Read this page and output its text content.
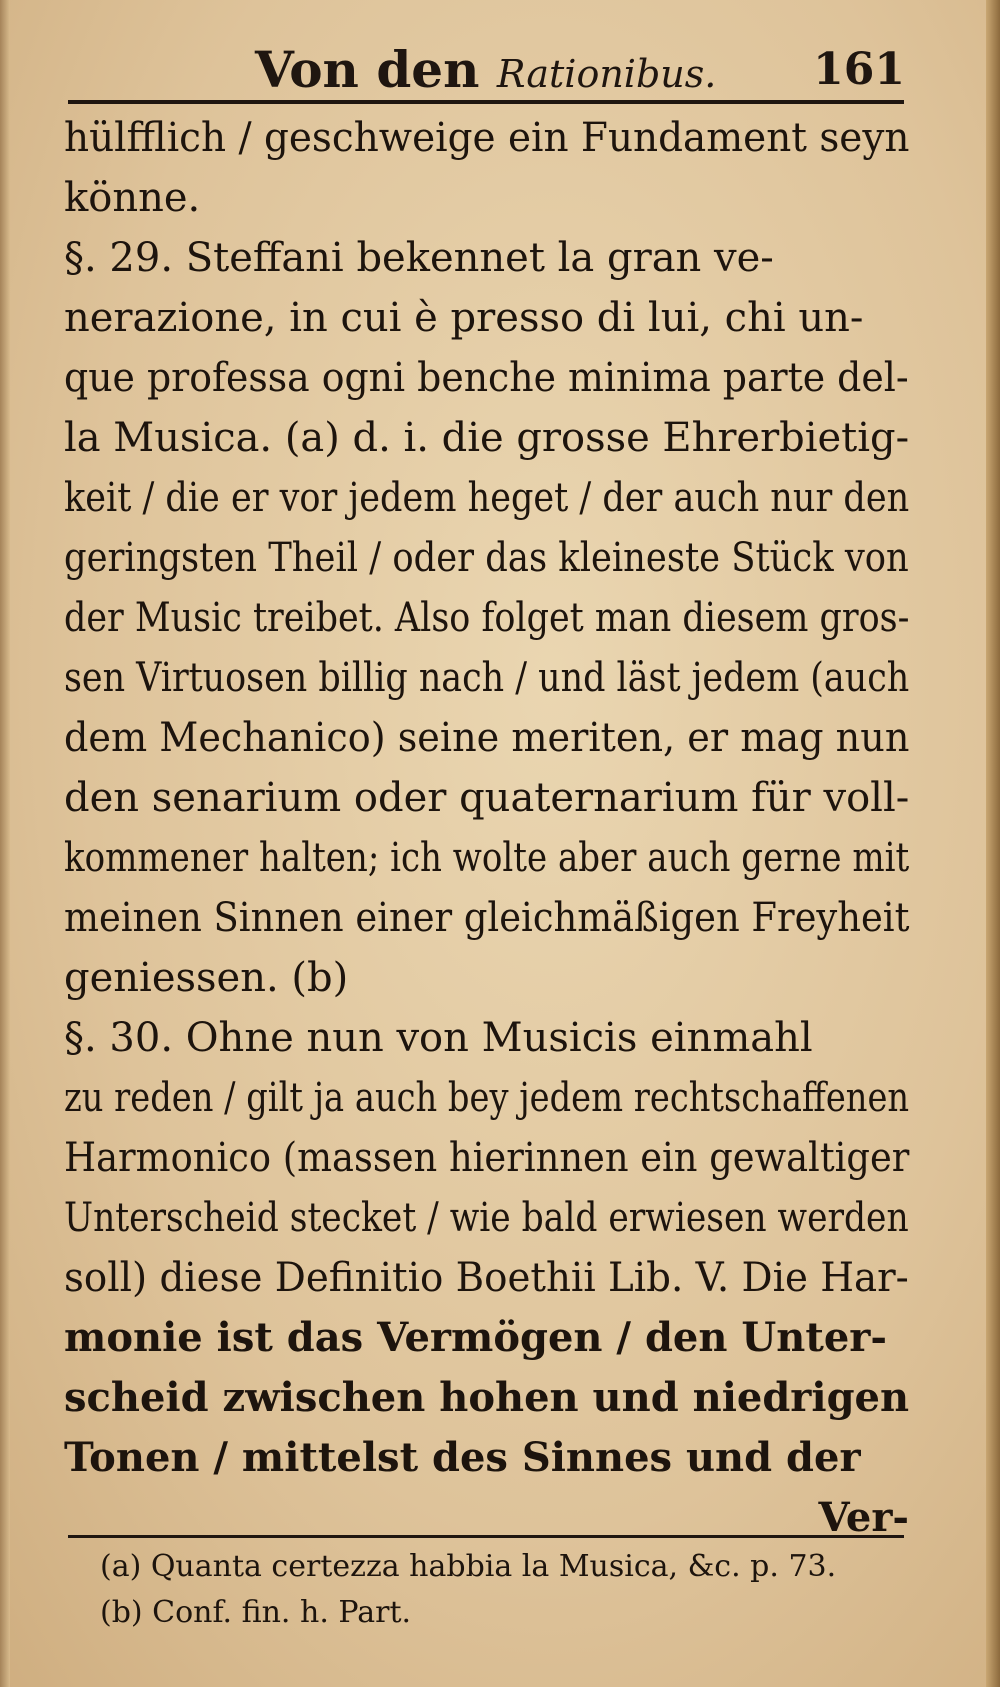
Von den Rationibus. 161
hülfflich / geschweige ein Fundament seyn
könne.
§. 29. Steffani bekennet la gran ve-
nerazione, in cui è presso di lui, chi un-
que professa ogni benche minima parte del-
la Musica. (a) d. i. die grosse Ehrerbietig-
keit / die er vor jedem heget / der auch nur den
geringsten Theil / oder das kleineste Stück von
der Music treibet. Also folget man diesem gros-
sen Virtuosen billig nach / und läst jedem (auch
dem Mechanico) seine meriten, er mag nun
den senarium oder quaternarium für voll-
kommener halten; ich wolte aber auch gerne mit
meinen Sinnen einer gleichmäßigen Freyheit
geniessen. (b)
§. 30. Ohne nun von Musicis einmahl
zu reden / gilt ja auch bey jedem rechtschaffenen
Harmonico (massen hierinnen ein gewaltiger
Unterscheid stecket / wie bald erwiesen werden
soll) diese Definitio Boethii Lib. V. Die Har-
monie ist das Vermögen / den Unter-
scheid zwischen hohen und niedrigen
Tonen / mittelst des Sinnes und der
Ver-
(a) Quanta certezza habbia la Musica, &c. p. 73.
(b) Conf. fin. h. Part.
